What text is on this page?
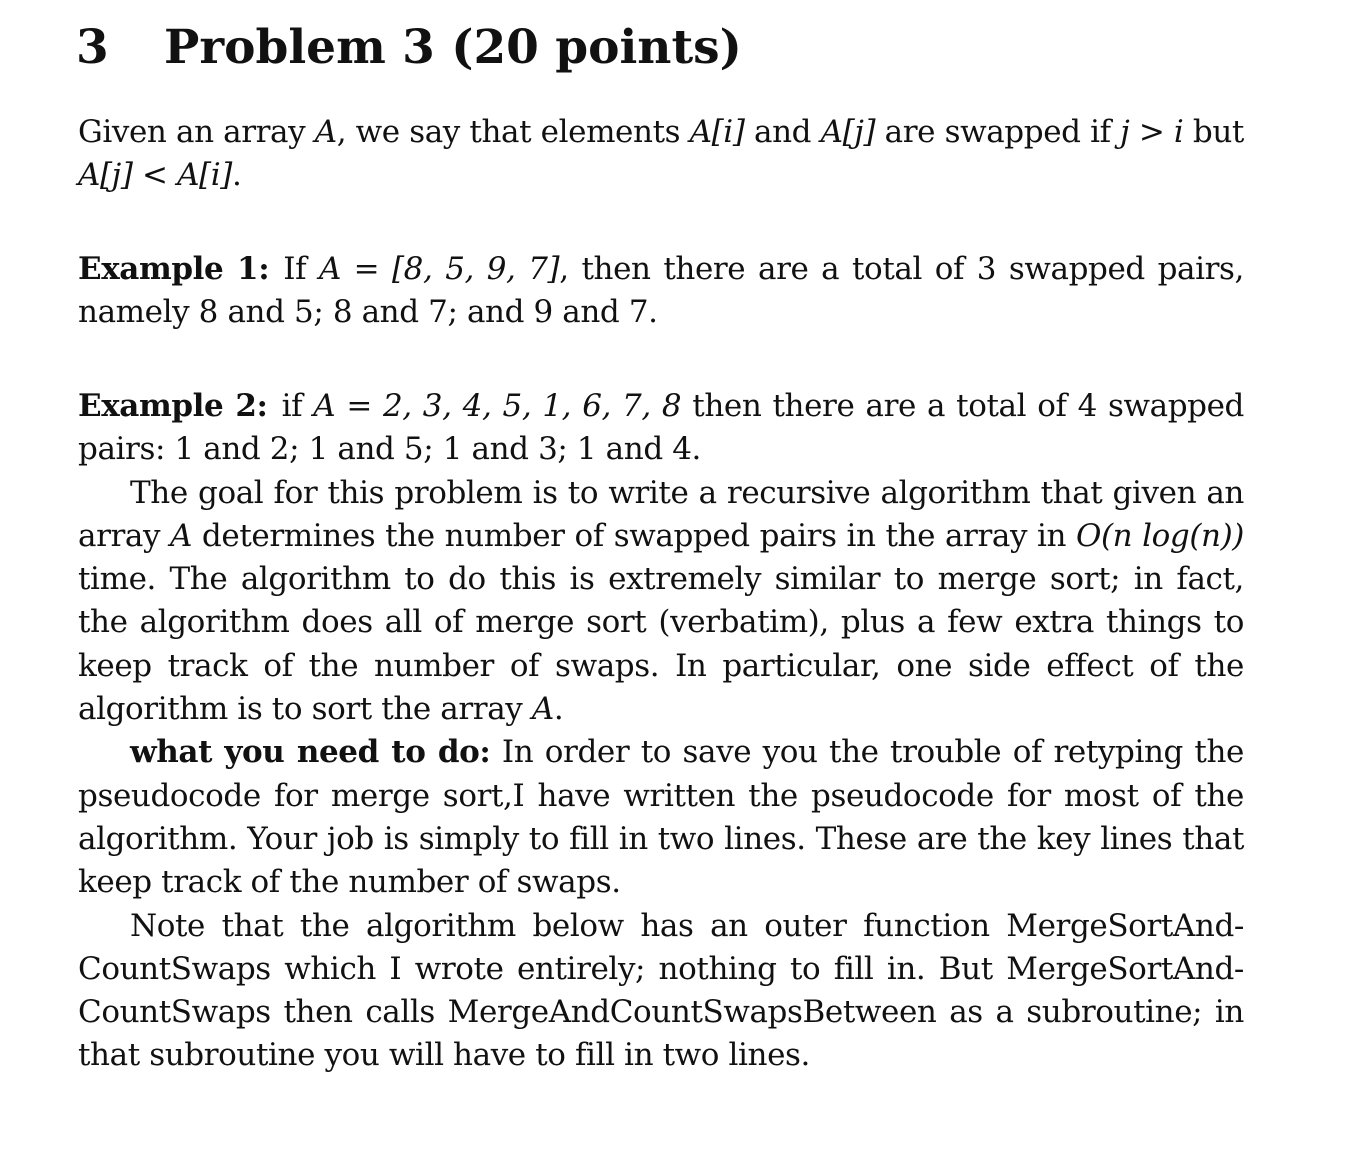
3 Problem 3 (20 points)

Given an array A, we say that elements A[i] and A[j] are swapped if j > i but A[j] < A[i].

Example 1: If A = [8, 5, 9, 7], then there are a total of 3 swapped pairs, namely 8 and 5; 8 and 7; and 9 and 7.

Example 2: if A = 2, 3, 4, 5, 1, 6, 7, 8 then there are a total of 4 swapped pairs: 1 and 2; 1 and 5; 1 and 3; 1 and 4.

The goal for this problem is to write a recursive algorithm that given an array A determines the number of swapped pairs in the array in O(n log(n)) time. The algorithm to do this is extremely similar to merge sort; in fact, the algorithm does all of merge sort (verbatim), plus a few extra things to keep track of the number of swaps. In particular, one side effect of the algorithm is to sort the array A.

what you need to do: In order to save you the trouble of retyping the pseudocode for merge sort,I have written the pseudocode for most of the algorithm. Your job is simply to fill in two lines. These are the key lines that keep track of the number of swaps.

Note that the algorithm below has an outer function MergeSortAnd-CountSwaps which I wrote entirely; nothing to fill in. But MergeSortAnd-CountSwaps then calls MergeAndCountSwapsBetween as a subroutine; in that subroutine you will have to fill in two lines.
